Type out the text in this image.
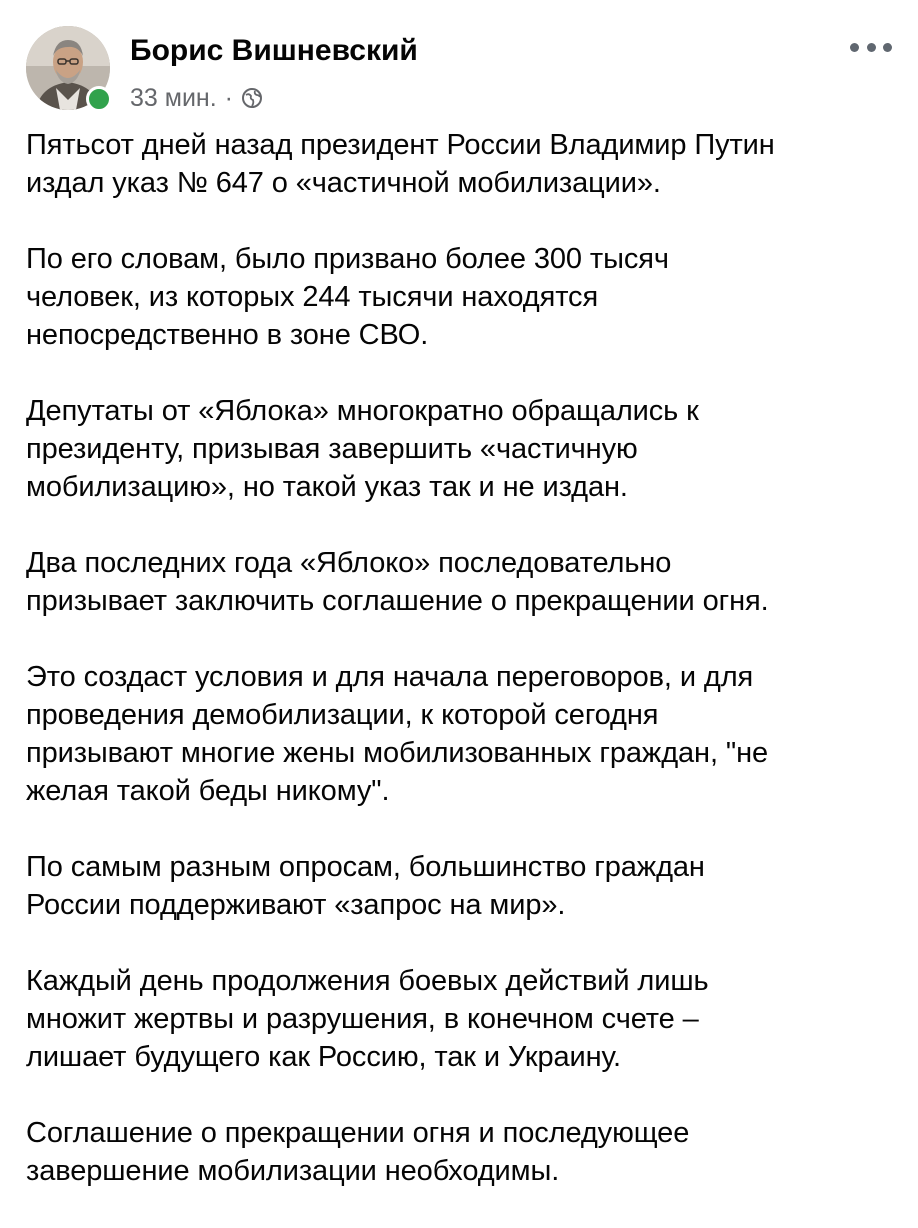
Борис Вишневский
33 мин. ·

Пятьсот дней назад президент России Владимир Путин
издал указ № 647 о «частичной мобилизации».

По его словам, было призвано более 300 тысяч
человек, из которых 244 тысячи находятся
непосредственно в зоне СВО.

Депутаты от «Яблока» многократно обращались к
президенту, призывая завершить «частичную
мобилизацию», но такой указ так и не издан.

Два последних года «Яблоко» последовательно
призывает заключить соглашение о прекращении огня.

Это создаст условия и для начала переговоров, и для
проведения демобилизации, к которой сегодня
призывают многие жены мобилизованных граждан, "не
желая такой беды никому".

По самым разным опросам, большинство граждан
России поддерживают «запрос на мир».

Каждый день продолжения боевых действий лишь
множит жертвы и разрушения, в конечном счете –
лишает будущего как Россию, так и Украину.

Соглашение о прекращении огня и последующее
завершение мобилизации необходимы.
